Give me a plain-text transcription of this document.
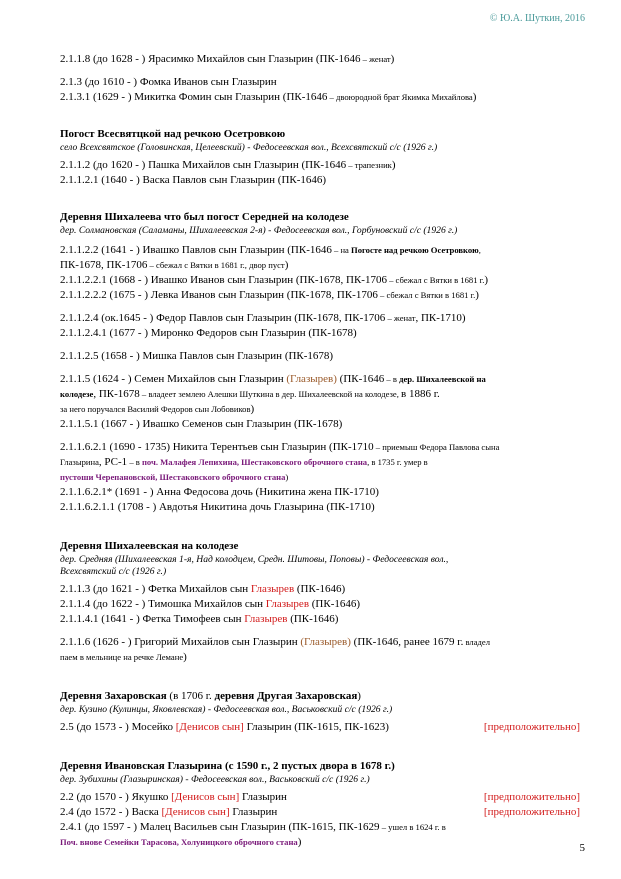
© Ю.А. Шуткин, 2016
2.1.1.8 (до 1628 - ) Ярасимко Михайлов сын Глазырин (ПК-1646 – женат)
2.1.3 (до 1610 - ) Фомка Иванов сын Глазырин
2.1.3.1 (1629 - ) Микитка Фомин сын Глазырин (ПК-1646 – двоюродной брат Якимка Михайлова)
Погост Всесвятцкой над речкою Осетровкою
село Всехсвятское (Головинская, Целеевский) - Федосеевская вол., Всехсвятский с/с (1926 г.)
2.1.1.2 (до 1620 - ) Пашка Михайлов сын Глазырин (ПК-1646 – трапезник)
2.1.1.2.1 (1640 - ) Васка Павлов сын Глазырин (ПК-1646)
Деревня Шихалеева что был погост Середней на колодезе
дер. Солмановская (Саламаны, Шихалеевская 2-я) - Федосеевская вол., Горбуновский с/с (1926 г.)
2.1.1.2.2 (1641 - ) Ивашко Павлов сын Глазырин (ПК-1646 – на Погосте над речкою Осетровкою,
ПК-1678, ПК-1706 – сбежал с Вятки в 1681 г., двор пуст)
2.1.1.2.2.1 (1668 - ) Ивашко Иванов сын Глазырин (ПК-1678, ПК-1706 – сбежал с Вятки в 1681 г.)
2.1.1.2.2.2 (1675 - ) Левка Иванов сын Глазырин (ПК-1678, ПК-1706 – сбежал с Вятки в 1681 г.)
2.1.1.2.4 (ок.1645 - ) Федор Павлов сын Глазырин (ПК-1678, ПК-1706 – женат, ПК-1710)
2.1.1.2.4.1 (1677 - ) Миронко Федоров сын Глазырин (ПК-1678)
2.1.1.2.5 (1658 - ) Мишка Павлов сын Глазырин (ПК-1678)
2.1.1.5 (1624 - ) Семен Михайлов сын Глазырин (Глазырев) (ПК-1646 – в дер. Шихалеевской на
колодезе, ПК-1678 – владеет землею Алешки Шуткина в дер. Шихалеевской на колодезе, в 1886 г.
за него поручался Василий Федоров сын Лобовиков)
2.1.1.5.1 (1667 - ) Ивашко Семенов сын Глазырин (ПК-1678)
2.1.1.6.2.1 (1690 - 1735) Никита Терентьев сын Глазырин (ПК-1710 – приемыш Федора Павлова сына
Глазырина, РС-1 – в поч. Малафея Лепихина, Шестаковского оброчного стана, в 1735 г. умер в
пустоши Черепановской, Шестаковского оброчного стана)
2.1.1.6.2.1* (1691 - ) Анна Федосова дочь (Никитина жена ПК-1710)
2.1.1.6.2.1.1 (1708 - ) Авдотья Никитина дочь Глазырина (ПК-1710)
Деревня Шихалеевская на колодезе
дер. Средняя (Шихалеевская 1-я, Над колодцем, Средн. Шитовы, Поповы) - Федосеевская вол.,
Всехсвятский с/с (1926 г.)
2.1.1.3 (до 1621 - ) Фетка Михайлов сын Глазырев (ПК-1646)
2.1.1.4 (до 1622 - ) Тимошка Михайлов сын Глазырев (ПК-1646)
2.1.1.4.1 (1641 - ) Фетка Тимофеев сын Глазырев (ПК-1646)
2.1.1.6 (1626 - ) Григорий Михайлов сын Глазырин (Глазырев) (ПК-1646, ранее 1679 г. владел
паем в мельнице на речке Лемане)
Деревня Захаровская (в 1706 г. деревня Другая Захаровская)
дер. Кузино (Кулинцы, Яковлевская) - Федосеевская вол., Васьковский с/с (1926 г.)
[предположительно]
2.5 (до 1573 - ) Мосейко [Денисов сын] Глазырин (ПК-1615, ПК-1623)
Деревня Ивановская Глазырина (с 1590 г., 2 пустых двора в 1678 г.)
дер. Зубихины (Глазыринская) - Федосеевская вол., Васьковский с/с (1926 г.)
[предположительно]
2.2 (до 1570 - ) Якушко [Денисов сын] Глазырин
[предположительно]
2.4 (до 1572 - ) Васка [Денисов сын] Глазырин
2.4.1 (до 1597 - ) Малец Васильев сын Глазырин (ПК-1615, ПК-1629 – ушел в 1624 г. в
Поч. внове Семейки Тарасова, Холуницкого оброчного стана)	5
